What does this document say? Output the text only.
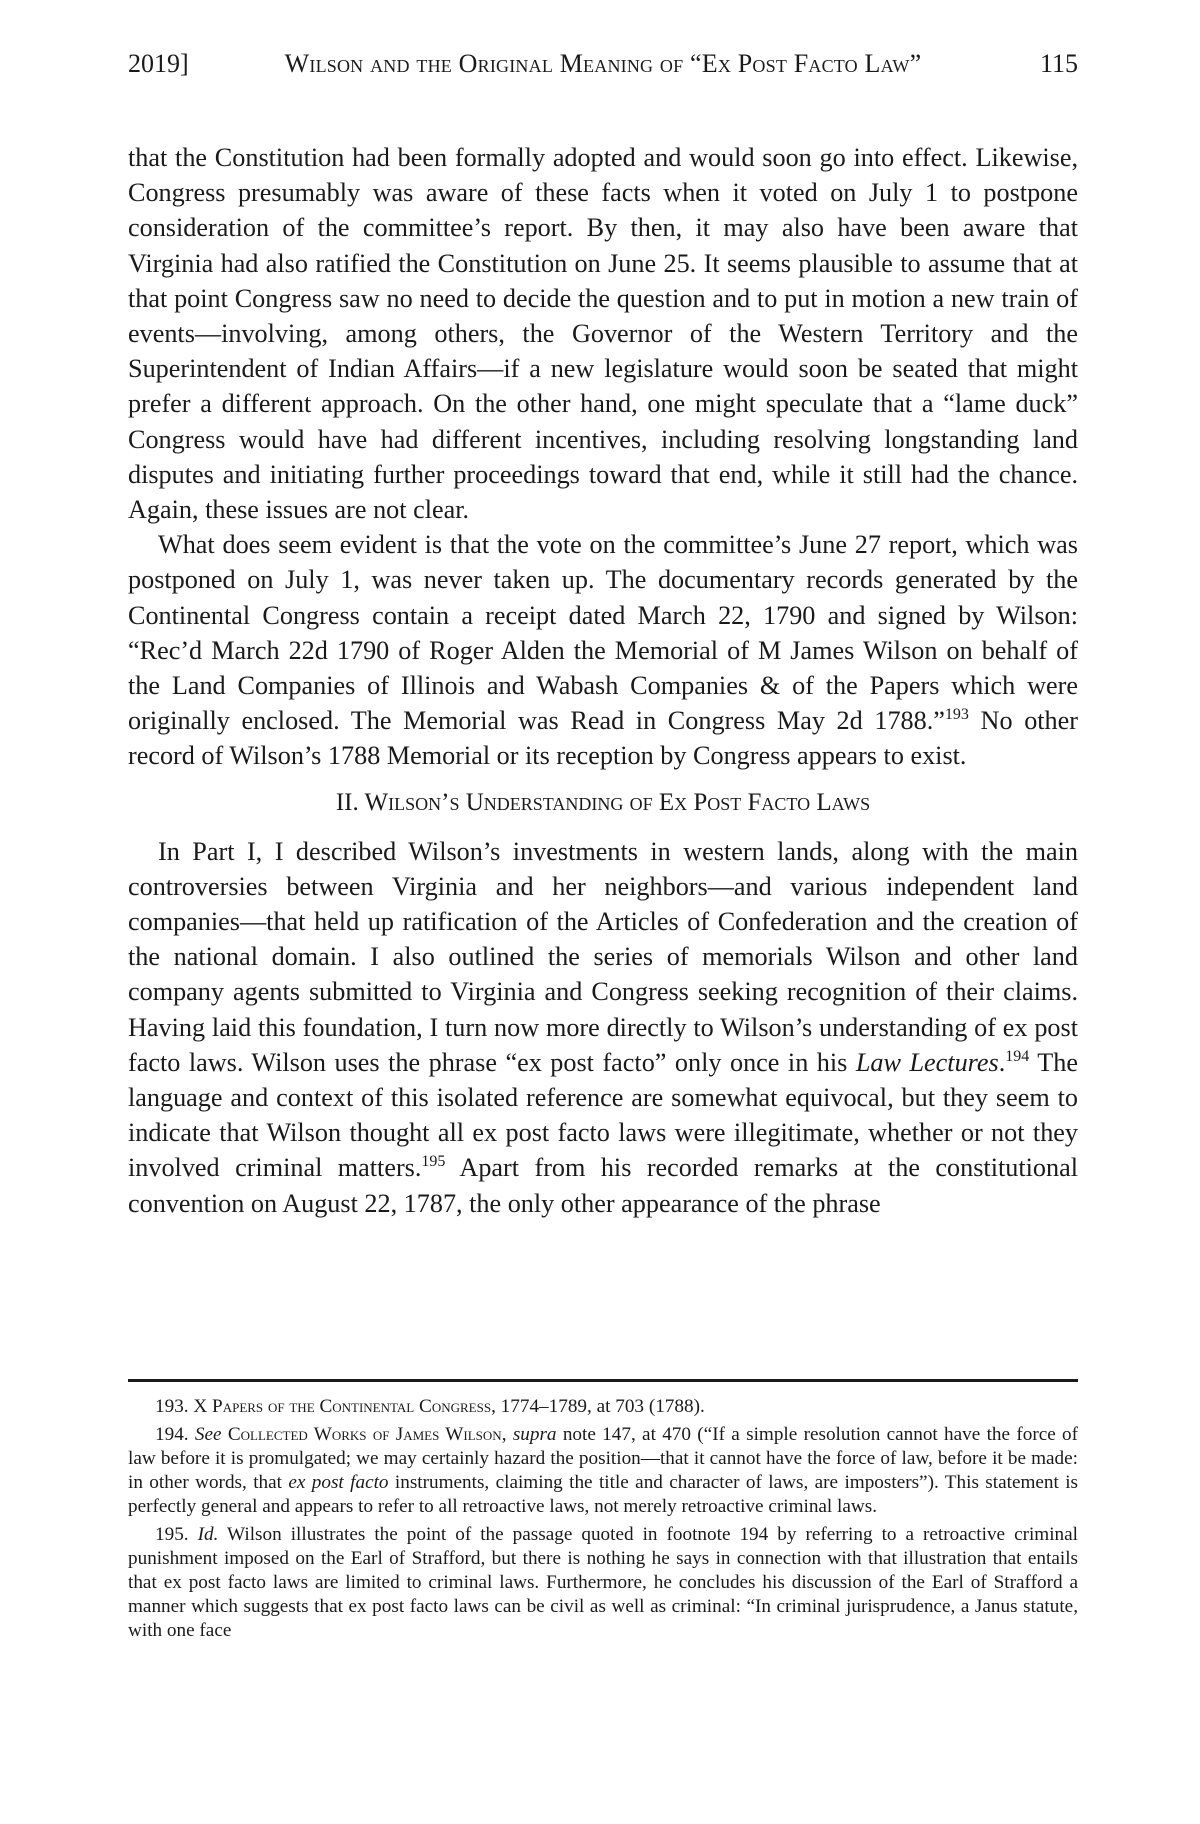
2019]	Wilson and the Original Meaning of “Ex Post Facto Law”	115

that the Constitution had been formally adopted and would soon go into effect. Likewise, Congress presumably was aware of these facts when it voted on July 1 to postpone consideration of the committee’s report. By then, it may also have been aware that Virginia had also ratified the Constitution on June 25. It seems plausible to assume that at that point Congress saw no need to decide the question and to put in motion a new train of events—involving, among others, the Governor of the Western Territory and the Superintendent of Indian Affairs—if a new legislature would soon be seated that might prefer a different approach. On the other hand, one might speculate that a “lame duck” Congress would have had different incentives, including resolving longstanding land disputes and initiating further proceedings toward that end, while it still had the chance. Again, these issues are not clear.

What does seem evident is that the vote on the committee’s June 27 report, which was postponed on July 1, was never taken up. The documentary records generated by the Continental Congress contain a receipt dated March 22, 1790 and signed by Wilson: “Rec’d March 22d 1790 of Roger Alden the Memorial of M James Wilson on behalf of the Land Companies of Illinois and Wabash Companies & of the Papers which were originally enclosed. The Memorial was Read in Congress May 2d 1788.”$^{193}$ No other record of Wilson’s 1788 Memorial or its reception by Congress appears to exist.

II. Wilson’s Understanding of Ex Post Facto Laws

In Part I, I described Wilson’s investments in western lands, along with the main controversies between Virginia and her neighbors—and various independent land companies—that held up ratification of the Articles of Confederation and the creation of the national domain. I also outlined the series of memorials Wilson and other land company agents submitted to Virginia and Congress seeking recognition of their claims. Having laid this foundation, I turn now more directly to Wilson’s understanding of ex post facto laws. Wilson uses the phrase “ex post facto” only once in his Law Lectures.$^{194}$ The language and context of this isolated reference are somewhat equivocal, but they seem to indicate that Wilson thought all ex post facto laws were illegitimate, whether or not they involved criminal matters.$^{195}$ Apart from his recorded remarks at the constitutional convention on August 22, 1787, the only other appearance of the phrase

193. X Papers of the Continental Congress, 1774–1789, at 703 (1788).

194. See Collected Works of James Wilson, supra note 147, at 470 (“If a simple resolution cannot have the force of law before it is promulgated; we may certainly hazard the position—that it cannot have the force of law, before it be made: in other words, that ex post facto instruments, claiming the title and character of laws, are imposters”). This statement is perfectly general and appears to refer to all retroactive laws, not merely retroactive criminal laws.

195. Id. Wilson illustrates the point of the passage quoted in footnote 194 by referring to a retroactive criminal punishment imposed on the Earl of Strafford, but there is nothing he says in connection with that illustration that entails that ex post facto laws are limited to criminal laws. Furthermore, he concludes his discussion of the Earl of Strafford a manner which suggests that ex post facto laws can be civil as well as criminal: “In criminal jurisprudence, a Janus statute, with one face
